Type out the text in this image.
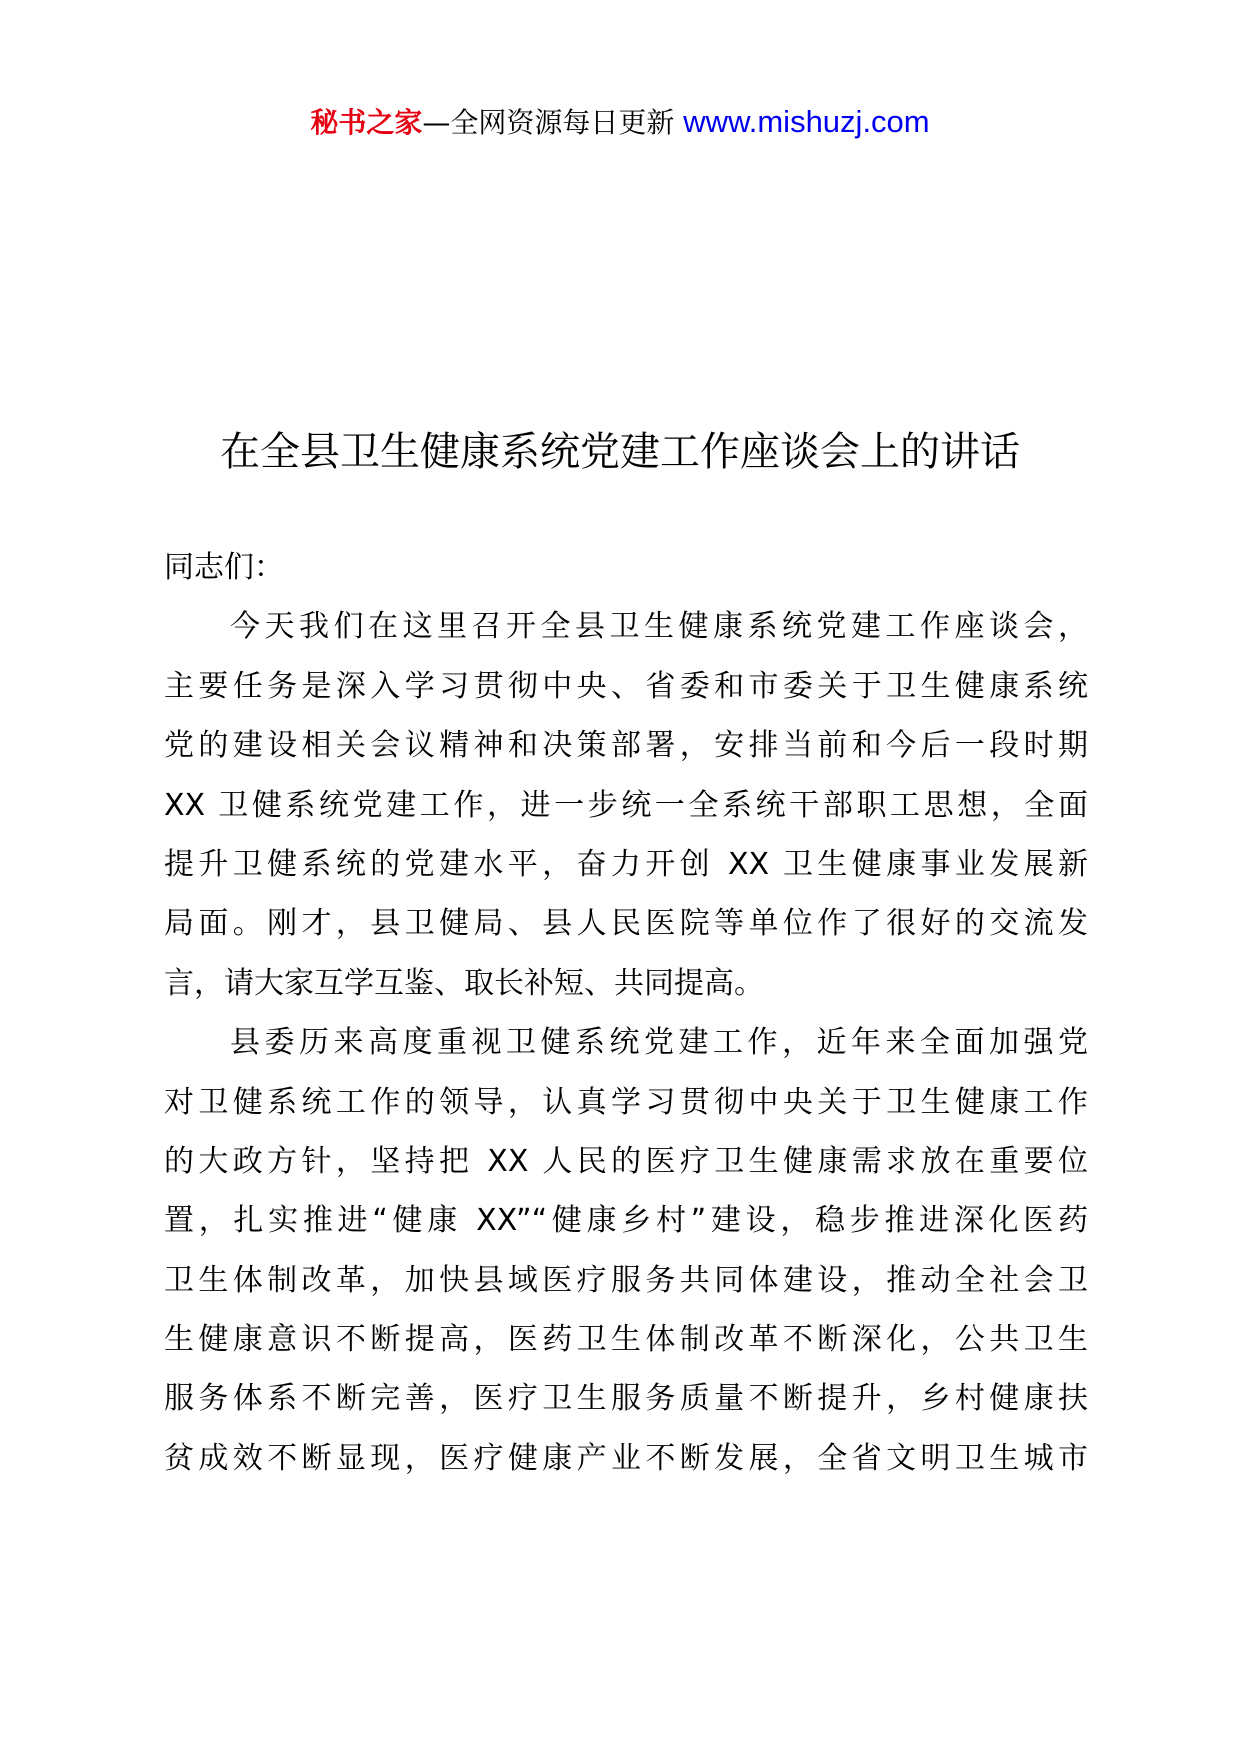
秘书之家—全网资源每日更新 www.mishuzj.com
在全县卫生健康系统党建工作座谈会上的讲话
同志们：
今天我们在这里召开全县卫生健康系统党建工作座谈会，
主要任务是深入学习贯彻中央、省委和市委关于卫生健康系统
党的建设相关会议精神和决策部署，安排当前和今后一段时期
XX 卫健系统党建工作，进一步统一全系统干部职工思想，全面
提升卫健系统的党建水平，奋力开创 XX 卫生健康事业发展新
局面。刚才，县卫健局、县人民医院等单位作了很好的交流发
言，请大家互学互鉴、取长补短、共同提高。
县委历来高度重视卫健系统党建工作，近年来全面加强党
对卫健系统工作的领导，认真学习贯彻中央关于卫生健康工作
的大政方针，坚持把 XX 人民的医疗卫生健康需求放在重要位
置，扎实推进“健康 XX”“健康乡村”建设，稳步推进深化医药
卫生体制改革，加快县域医疗服务共同体建设，推动全社会卫
生健康意识不断提高，医药卫生体制改革不断深化，公共卫生
服务体系不断完善，医疗卫生服务质量不断提升，乡村健康扶
贫成效不断显现，医疗健康产业不断发展，全省文明卫生城市
